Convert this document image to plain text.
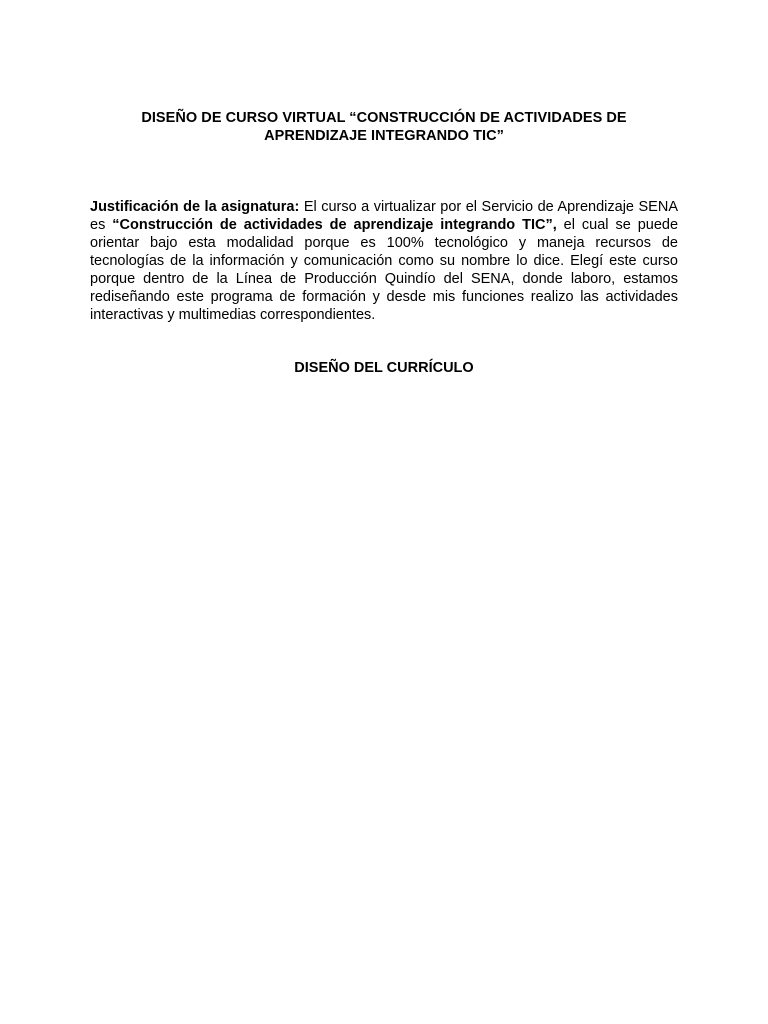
DISEÑO DE CURSO VIRTUAL “CONSTRUCCIÓN DE ACTIVIDADES DE
APRENDIZAJE INTEGRANDO TIC”

Justificación de la asignatura: El curso a virtualizar por el Servicio de Aprendizaje SENA es “Construcción de actividades de aprendizaje integrando TIC”, el cual se puede orientar bajo esta modalidad porque es 100% tecnológico y maneja recursos de tecnologías de la información y comunicación como su nombre lo dice. Elegí este curso porque dentro de la Línea de Producción Quindío del SENA, donde laboro, estamos rediseñando este programa de formación y desde mis funciones realizo las actividades interactivas y multimedias correspondientes.

DISEÑO DEL CURRÍCULO
